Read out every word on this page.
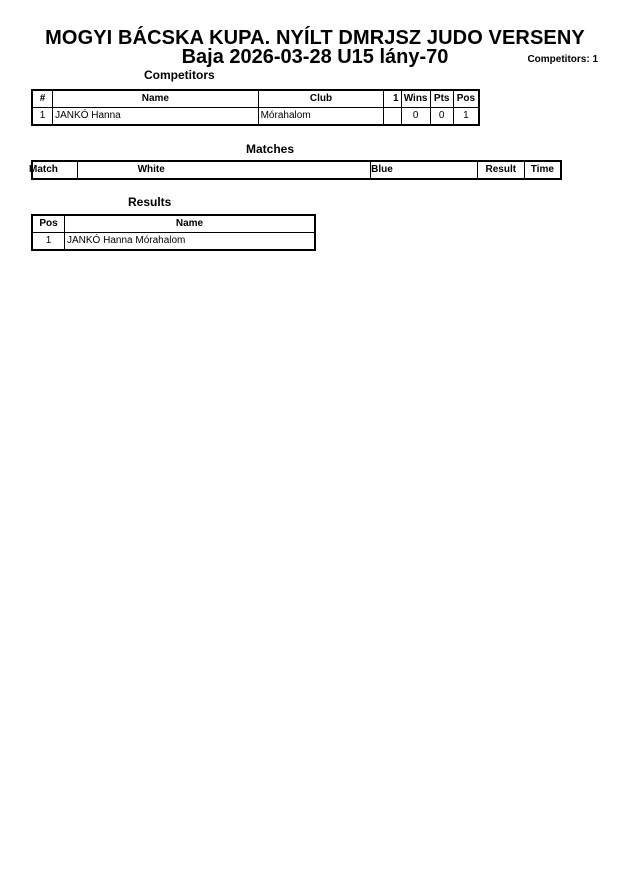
MOGYI BÁCSKA KUPA. NYÍLT DMRJSZ JUDO VERSENY
Baja 2026-03-28 U15 lány-70	Competitors: 1
Competitors
#	Name	Club	1	Wins	Pts	Pos
1	JANKÓ Hanna	Mórahalom		0	0	1
Matches
Match	White	Blue	Result	Time
Results
Pos	Name
1	JANKÓ Hanna Mórahalom
